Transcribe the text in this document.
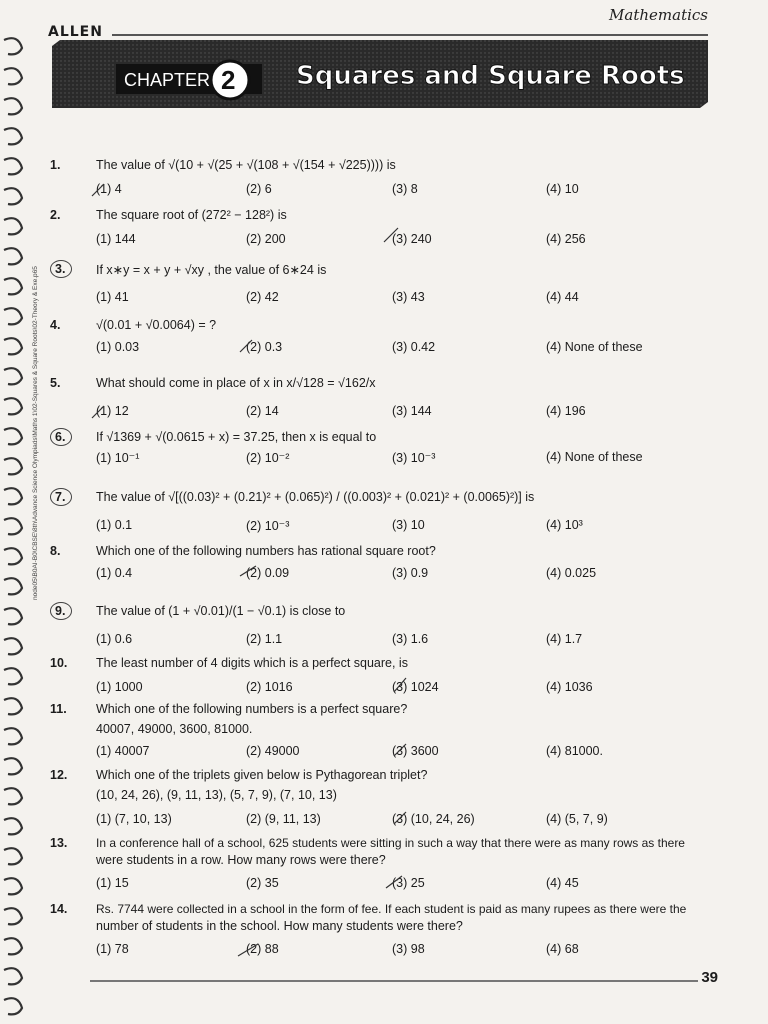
Mathematics
ALLEN
CHAPTER 2 Squares and Square Roots
1.	The value of √(10 + √(25 + √(108 + √(154 + √225)))) is
(1) 4	(2) 6	(3) 8	(4) 10
2.	The square root of (272² − 128²) is
(1) 144	(2) 200	(3) 240	(4) 256
3.	If x∗y = x + y + √xy , the value of 6∗24 is
(1) 41	(2) 42	(3) 43	(4) 44
4.	√(0.01 + √0.0064) = ?
(1) 0.03	(2) 0.3	(3) 0.42	(4) None of these
5.	What should come in place of x in x/√128 = √162/x
(1) 12	(2) 14	(3) 144	(4) 196
6.	If √1369 + √(0.0615 + x) = 37.25, then x is equal to
(1) 10⁻¹	(2) 10⁻²	(3) 10⁻³	(4) None of these
7.	The value of √[((0.03)² + (0.21)² + (0.065)²) / ((0.003)² + (0.021)² + (0.0065)²)] is
(1) 0.1	(2) 10⁻³	(3) 10	(4) 10³
8.	Which one of the following numbers has rational square root?
(1) 0.4	(2) 0.09	(3) 0.9	(4) 0.025
9.	The value of (1 + √0.01)/(1 − √0.1) is close to
(1) 0.6	(2) 1.1	(3) 1.6	(4) 1.7
10.	The least number of 4 digits which is a perfect square, is
(1) 1000	(2) 1016	(3) 1024	(4) 1036
11.	Which one of the following numbers is a perfect square?
40007, 49000, 3600, 81000.
(1) 40007	(2) 49000	(3) 3600	(4) 81000.
12.	Which one of the triplets given below is Pythagorean triplet?
(10, 24, 26), (9, 11, 13), (5, 7, 9), (7, 10, 13)
(1) (7, 10, 13)	(2) (9, 11, 13)	(3) (10, 24, 26)	(4) (5, 7, 9)
13.	In a conference hall of a school, 625 students were sitting in such a way that there were as many rows as there
were students in a row. How many rows were there?
(1) 15	(2) 35	(3) 25	(4) 45
14.	Rs. 7744 were collected in a school in the form of fee. If each student is paid as many rupees as there were the
number of students in the school. How many students were there?
(1) 78	(2) 88	(3) 98	(4) 68
node05\B0AI-B0\CBSE\8th\Advance Science Olympiads\Maths 1\02-Squares & Square Roots\02-Theory & Exe.p65
39
